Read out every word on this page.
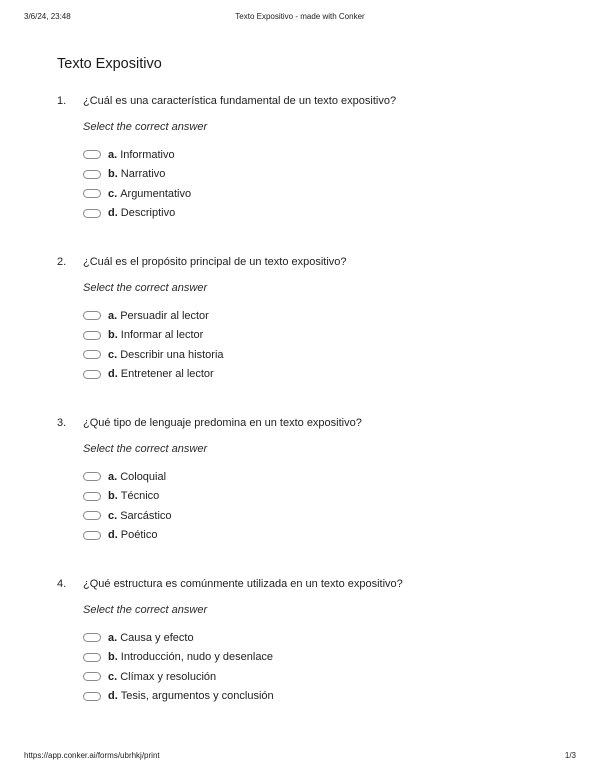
3/6/24, 23:48	Texto Expositivo - made with Conker
Texto Expositivo
1. ¿Cuál es una característica fundamental de un texto expositivo?
Select the correct answer
a. Informativo
b. Narrativo
c. Argumentativo
d. Descriptivo
2. ¿Cuál es el propósito principal de un texto expositivo?
Select the correct answer
a. Persuadir al lector
b. Informar al lector
c. Describir una historia
d. Entretener al lector
3. ¿Qué tipo de lenguaje predomina en un texto expositivo?
Select the correct answer
a. Coloquial
b. Técnico
c. Sarcástico
d. Poético
4. ¿Qué estructura es comúnmente utilizada en un texto expositivo?
Select the correct answer
a. Causa y efecto
b. Introducción, nudo y desenlace
c. Clímax y resolución
d. Tesis, argumentos y conclusión
https://app.conker.ai/forms/ubrhkj/print	1/3
